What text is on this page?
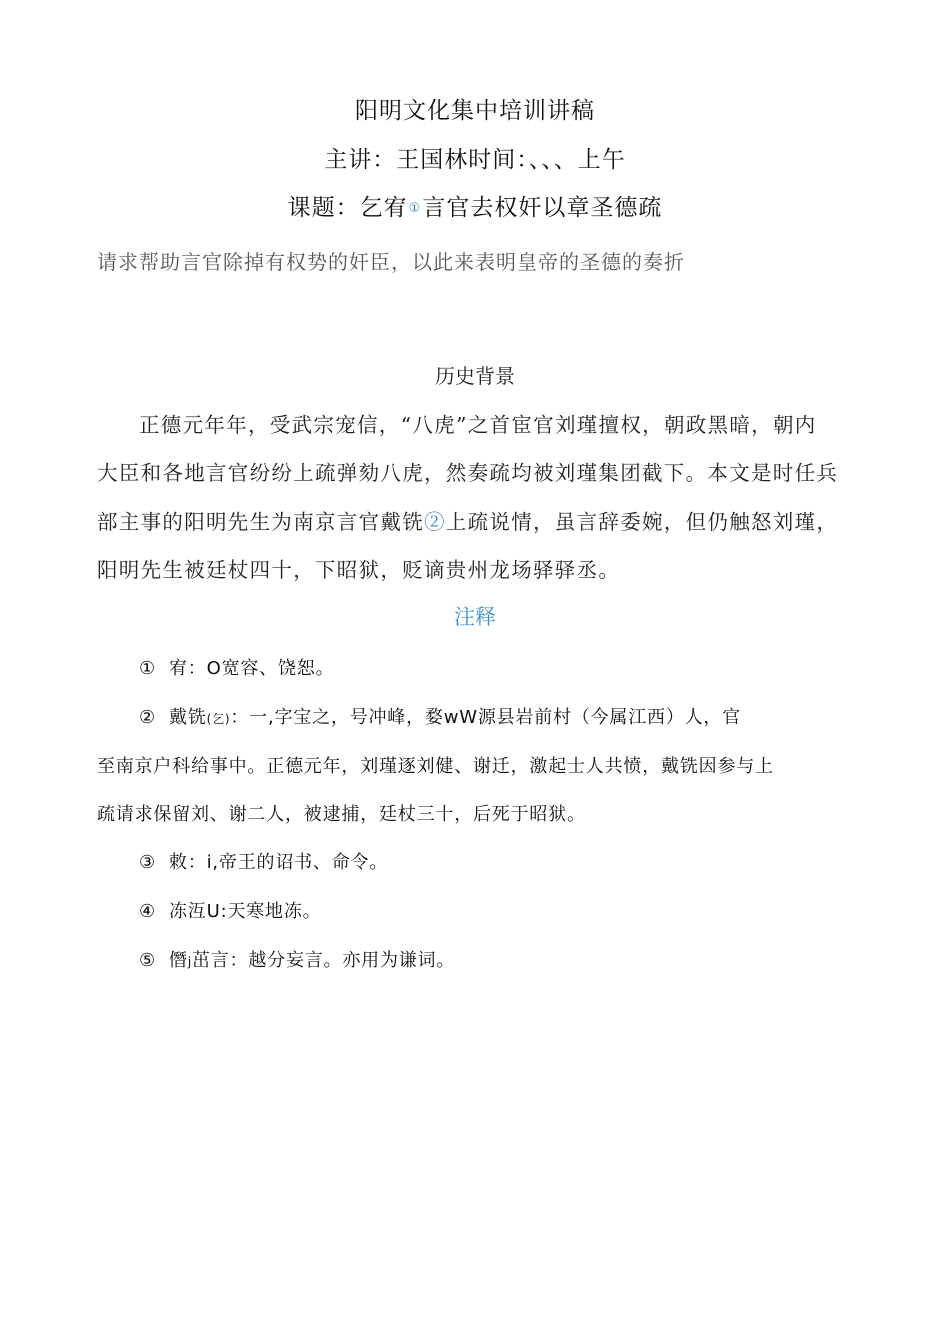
阳明文化集中培训讲稿
主讲：王国林时间：、、、上午
课题：乞宥①言官去权奸以章圣德疏
请求帮助言官除掉有权势的奸臣，以此来表明皇帝的圣德的奏折
历史背景
正德元年年，受武宗宠信，“八虎”之首宦官刘瑾擅权，朝政黑暗，朝内
大臣和各地言官纷纷上疏弹劾八虎，然奏疏均被刘瑾集团截下。本文是时任兵
部主事的阳明先生为南京言官戴铣②上疏说情，虽言辞委婉，但仍触怒刘瑾，
阳明先生被廷杖四十，下昭狱，贬谪贵州龙场驿驿丞。
注释
① 宥：O宽容、饶恕。
② 戴铣(乞)：一,字宝之，号冲峰，婺wW源县岩前村（今属江西）人，官
至南京户科给事中。正德元年，刘瑾逐刘健、谢迁，激起士人共愤，戴铣因参与上
疏请求保留刘、谢二人，被逮捕，廷杖三十，后死于昭狱。
③ 敕：i,帝王的诏书、命令。
④ 冻沍U:天寒地冻。
⑤ 僭j茁言：越分妄言。亦用为谦词。
